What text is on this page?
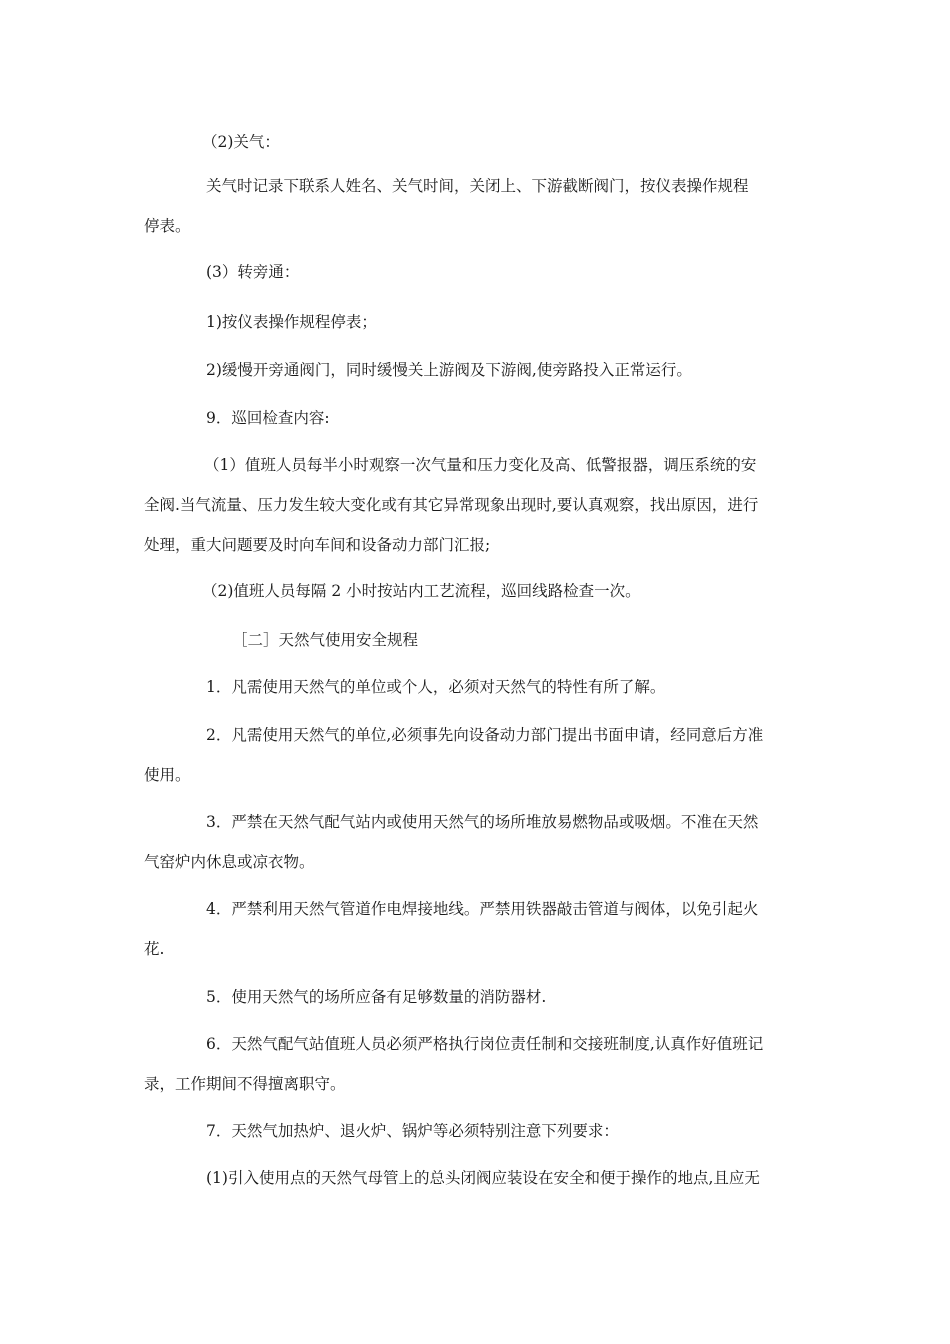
（2)关气：
关气时记录下联系人姓名、关气时间，关闭上、下游截断阀门，按仪表操作规程
停表。
(3）转旁通：
1)按仪表操作规程停表；
2)缓慢开旁通阀门，同时缓慢关上游阀及下游阀,使旁路投入正常运行。
9．巡回检查内容:
（1）值班人员每半小时观察一次气量和压力变化及高、低警报器，调压系统的安
全阀.当气流量、压力发生较大变化或有其它异常现象出现时,要认真观察，找出原因，进行
处理，重大问题要及时向车间和设备动力部门汇报;
（2)值班人员每隔 2 小时按站内工艺流程，巡回线路检查一次。
［二］天然气使用安全规程
1．凡需使用天然气的单位或个人，必须对天然气的特性有所了解。
2．凡需使用天然气的单位,必须事先向设备动力部门提出书面申请，经同意后方准
使用。
3．严禁在天然气配气站内或使用天然气的场所堆放易燃物品或吸烟。不准在天然
气窑炉内休息或凉衣物。
4．严禁利用天然气管道作电焊接地线。严禁用铁器敲击管道与阀体，以免引起火
花.
5．使用天然气的场所应备有足够数量的消防器材.
6．天然气配气站值班人员必须严格执行岗位责任制和交接班制度,认真作好值班记
录，工作期间不得擅离职守。
7．天然气加热炉、退火炉、锅炉等必须特别注意下列要求：
(1)引入使用点的天然气母管上的总头闭阀应装设在安全和便于操作的地点,且应无
